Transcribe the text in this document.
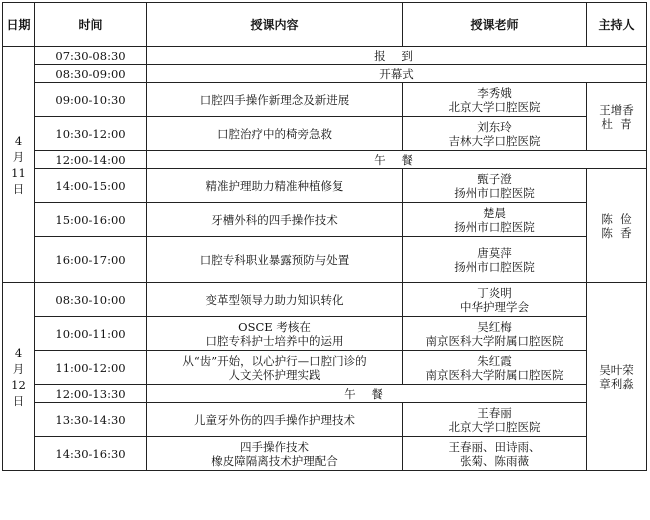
日期	时间	授课内容	授课老师	主持人

4
月
11
日	07:30-08:30	报 到		
	08:30-09:00	开幕式		
	09:00-10:30	口腔四手操作新理念及新进展	李秀娥
北京大学口腔医院	王增香
杜  青

	10:30-12:00	口腔治疗中的椅旁急救	刘东玲
吉林大学口腔医院	

	12:00-14:00	午 餐		
	14:00-15:00	精准护理助力精准种植修复	甄子澄
扬州市口腔医院	陈  俭
陈  香

	15:00-16:00	牙槽外科的四手操作技术	楚晨
扬州市口腔医院	

	16:00-17:00	口腔专科职业暴露预防与处置	唐莫萍
扬州市口腔医院	

4
月
12
日	08:30-10:00	变革型领导力助力知识转化	丁炎明
中华护理学会	吴叶荣
章利淼

	10:00-11:00	OSCE 考核在
口腔专科护士培养中的运用	吴红梅
南京医科大学附属口腔医院	

	11:00-12:00	从“齿”开始，以心护行—口腔门诊的
人文关怀护理实践	朱红霞
南京医科大学附属口腔医院	

	12:00-13:30	午 餐		
	13:30-14:30	儿童牙外伤的四手操作护理技术	王春丽
北京大学口腔医院	

	14:30-16:30	四手操作技术
橡皮障隔离技术护理配合	王春丽、田诗雨、
张菊、陈雨薇	
